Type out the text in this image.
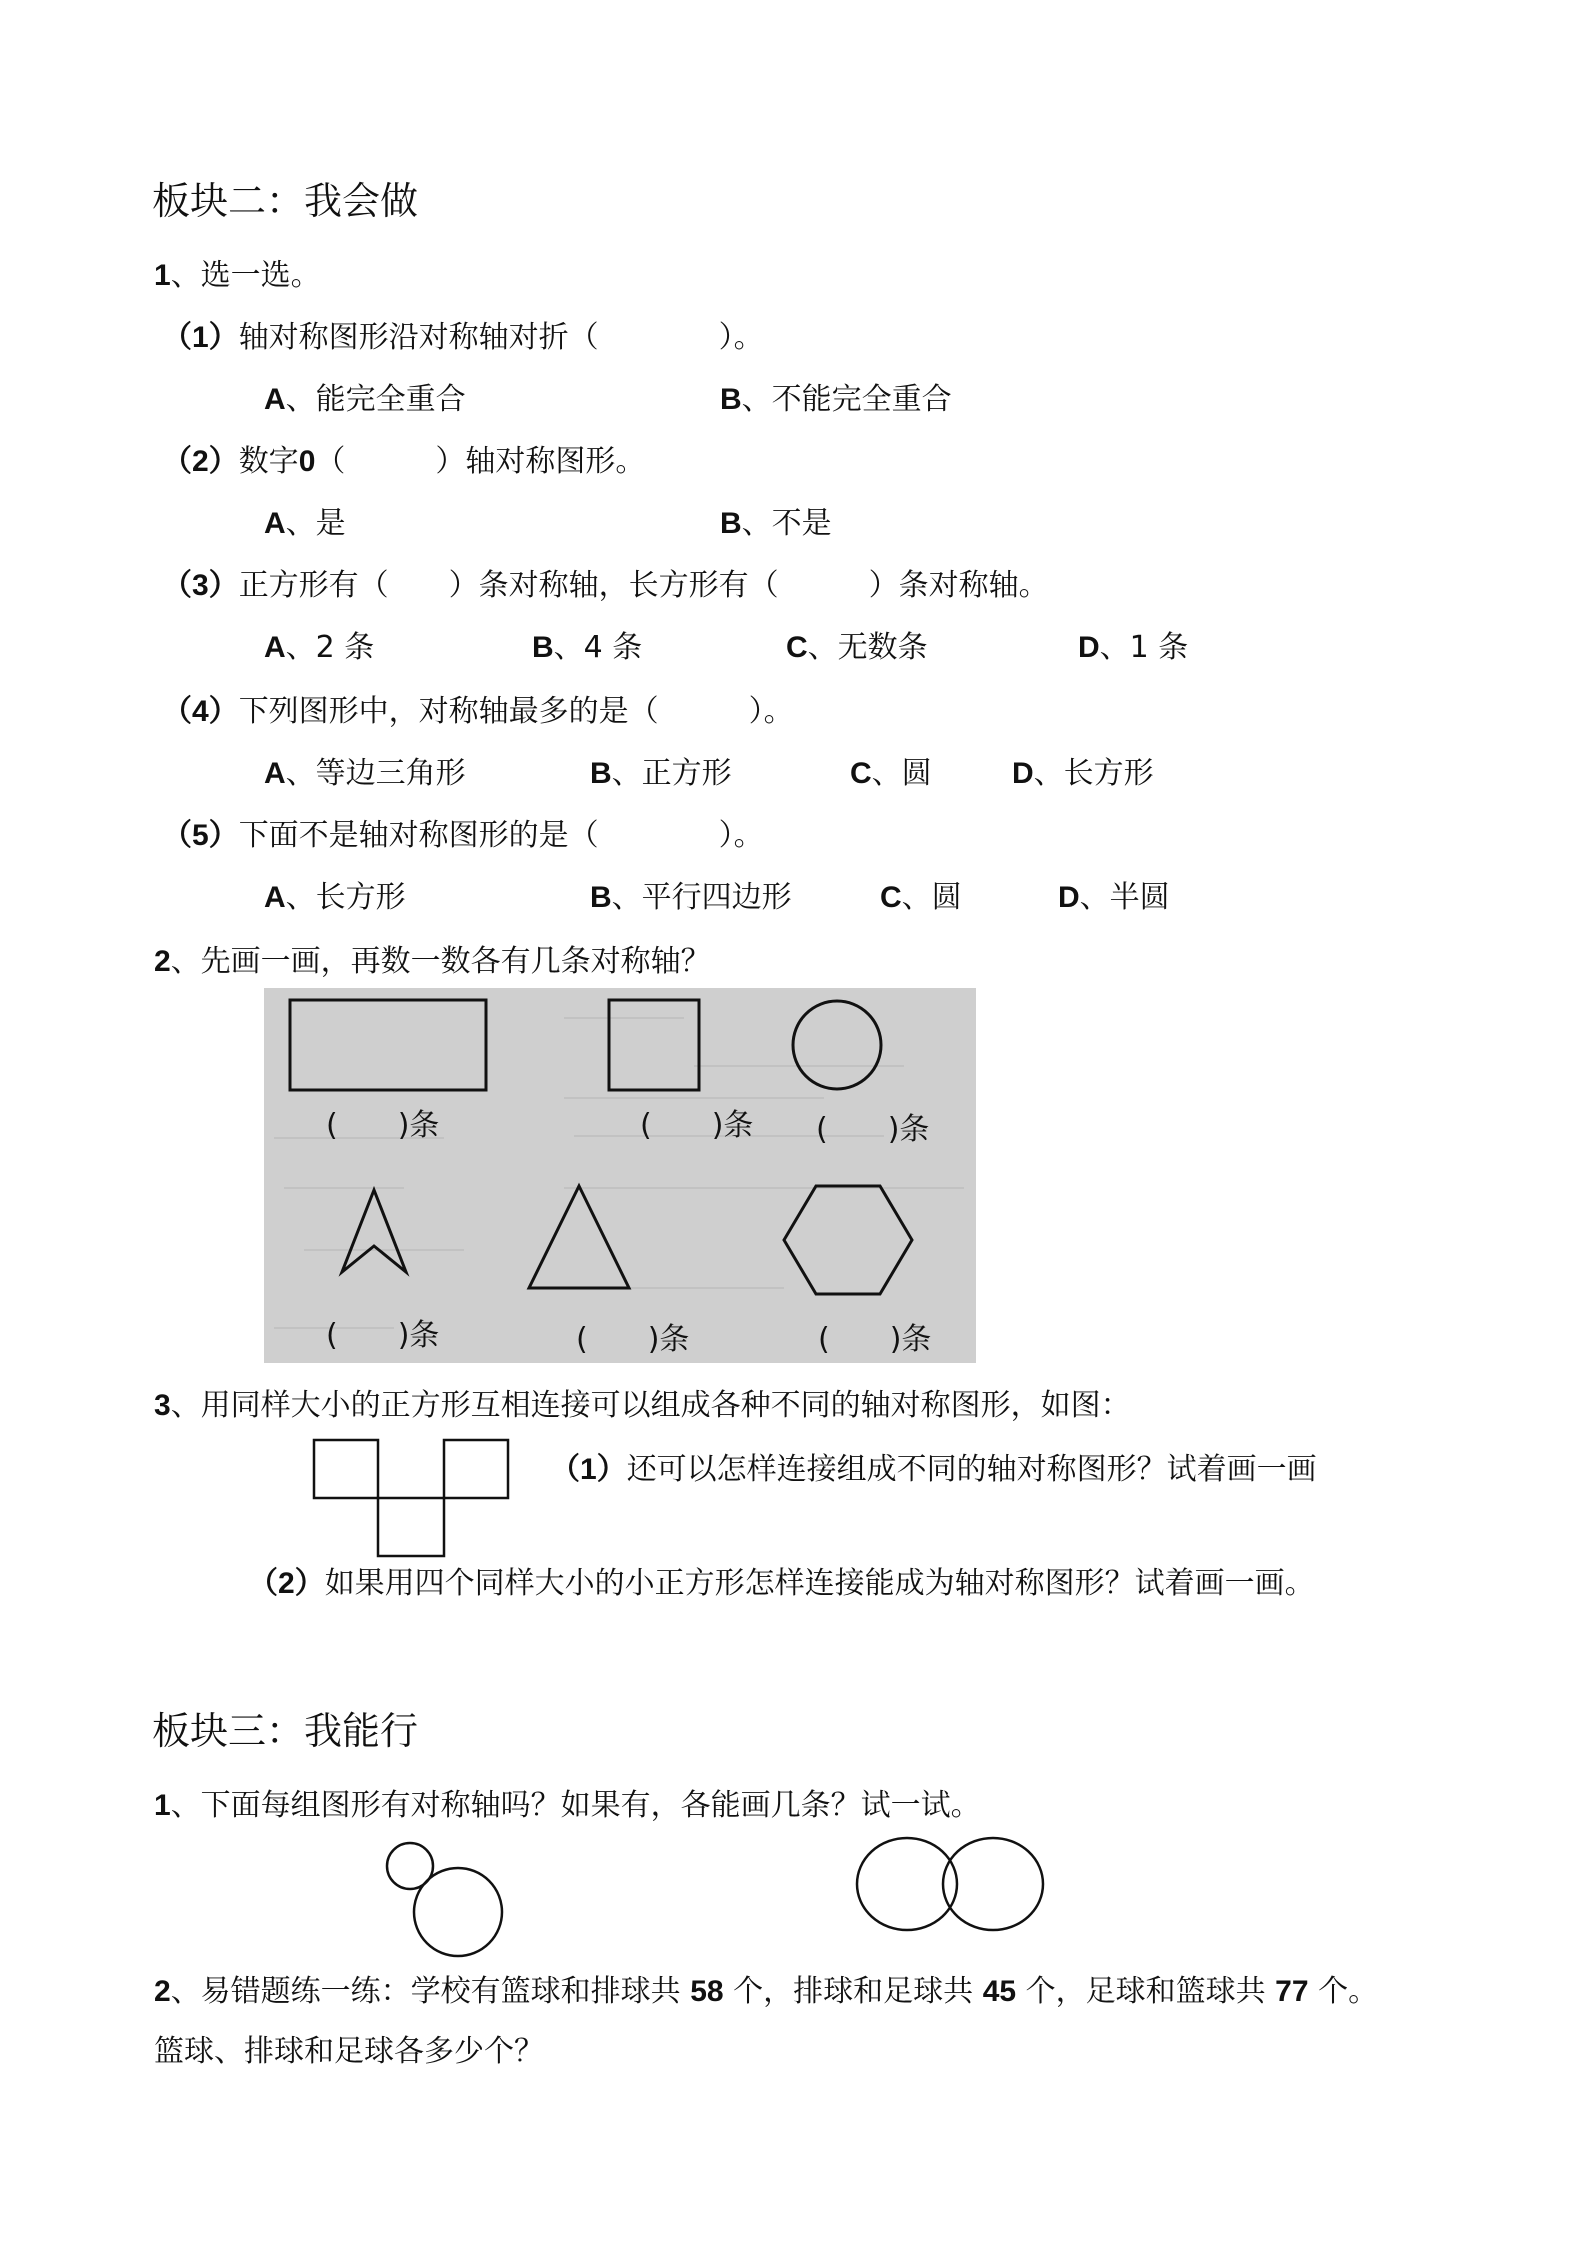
板块二：我会做
1、选一选。
（1）轴对称图形沿对称轴对折（　　　　）。
A、能完全重合	B、不能完全重合
（2）数字0（　　　）轴对称图形。
A、是	B、不是
（3）正方形有（　　）条对称轴，长方形有（　　　）条对称轴。
A、2 条	B、4 条	C、无数条	D、1 条
（4）下列图形中，对称轴最多的是（　　　）。
A、等边三角形	B、正方形	C、圆	D、长方形
（5）下面不是轴对称图形的是（　　　　）。
A、长方形	B、平行四边形	C、圆	D、半圆
2、先画一画，再数一数各有几条对称轴？
(　　)条	(　　)条 (　　)条
(　　)条	(　　)条	(　　)条
3、用同样大小的正方形互相连接可以组成各种不同的轴对称图形，如图：
（1）还可以怎样连接组成不同的轴对称图形？试着画一画
（2）如果用四个同样大小的小正方形怎样连接能成为轴对称图形？试着画一画。
板块三：我能行
1、下面每组图形有对称轴吗？如果有，各能画几条？试一试。
2、易错题练一练：学校有篮球和排球共 58 个，排球和足球共 45 个，足球和篮球共 77 个。
篮球、排球和足球各多少个？
